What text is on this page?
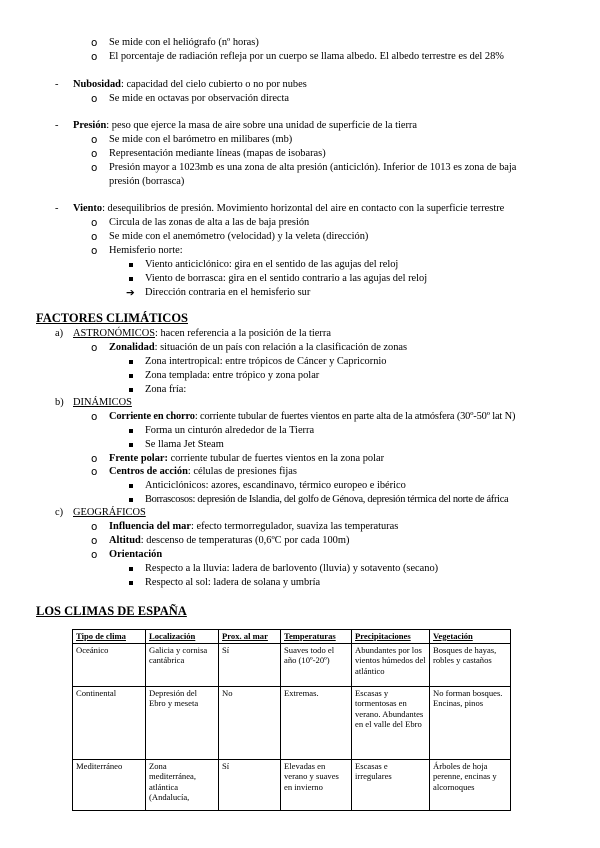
o Se mide con el heliógrafo (nº horas)
o El porcentaje de radiación refleja por un cuerpo se llama albedo. El albedo terrestre es del 28%
- Nubosidad: capacidad del cielo cubierto o no por nubes
o Se mide en octavas por observación directa
- Presión: peso que ejerce la masa de aire sobre una unidad de superficie de la tierra
o Se mide con el barómetro en milibares (mb)
o Representación mediante líneas (mapas de isobaras)
o Presión mayor a 1023mb es una zona de alta presión (anticiclón). Inferior de 1013 es zona de baja
presión (borrasca)
- Viento: desequilibrios de presión. Movimiento horizontal del aire en contacto con la superficie terrestre
o Circula de las zonas de alta a las de baja presión
o Se mide con el anemómetro (velocidad) y la veleta (dirección)
o Hemisferio norte:
Viento anticiclónico: gira en el sentido de las agujas del reloj
Viento de borrasca: gira en el sentido contrario a las agujas del reloj
➔ Dirección contraria en el hemisferio sur
FACTORES CLIMÁTICOS
a) ASTRONÓMICOS: hacen referencia a la posición de la tierra
o Zonalidad: situación de un país con relación a la clasificación de zonas
Zona intertropical: entre trópicos de Cáncer y Capricornio
Zona templada: entre trópico y zona polar
Zona fría:
b) DINÁMICOS
o Corriente en chorro: corriente tubular de fuertes vientos en parte alta de la atmósfera (30º-50º lat N)
Forma un cinturón alrededor de la Tierra
Se llama Jet Steam
o Frente polar: corriente tubular de fuertes vientos en la zona polar
o Centros de acción: células de presiones fijas
Anticiclónicos: azores, escandinavo, térmico europeo e ibérico
Borrascosos: depresión de Islandia, del golfo de Génova, depresión térmica del norte de áfrica
c) GEOGRÁFICOS
o Influencia del mar: efecto termorregulador, suaviza las temperaturas
o Altitud: descenso de temperaturas (0,6ºC por cada 100m)
o Orientación
Respecto a la lluvia: ladera de barlovento (lluvia) y sotavento (secano)
Respecto al sol: ladera de solana y umbría
LOS CLIMAS DE ESPAÑA
Tipo de clima	Localización	Prox. al mar	Temperaturas	Precipitaciones	Vegetación
Oceánico	Galicia y cornisa cantábrica	Sí	Suaves todo el año (10º-20º)	Abundantes por los vientos húmedos del atlántico	Bosques de hayas, robles y castaños
Continental	Depresión del Ebro y meseta	No	Extremas.	Escasas y tormentosas en verano. Abundantes en el valle del Ebro	No forman bosques. Encinas, pinos
Mediterráneo	Zona mediterránea, atlántica (Andalucía,	Sí	Elevadas en verano y suaves en invierno	Escasas e irregulares	Árboles de hoja perenne, encinas y alcornoques
